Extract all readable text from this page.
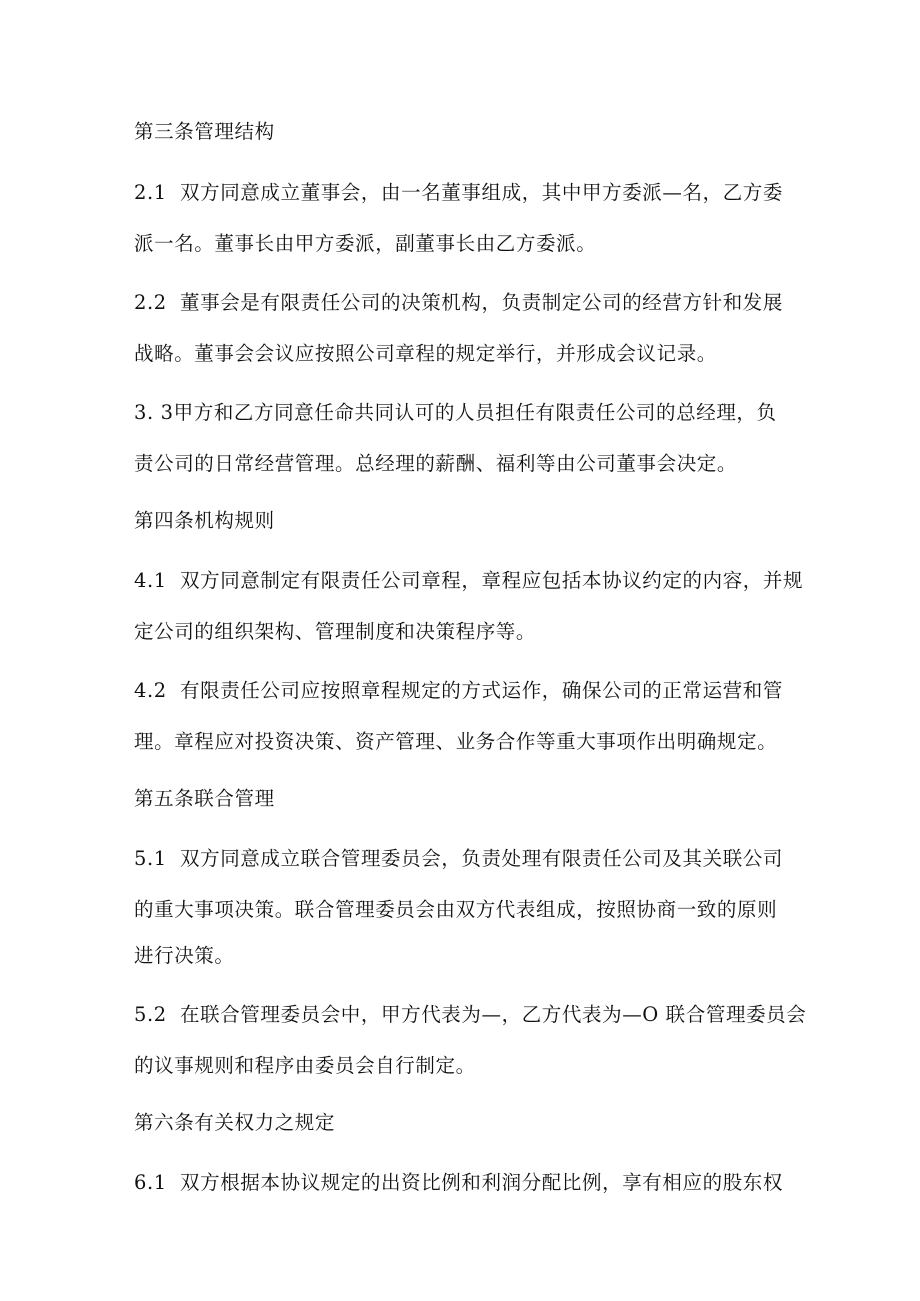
第三条管理结构
2.1 双方同意成立董事会，由一名董事组成，其中甲方委派—名，乙方委
派一名。董事长由甲方委派，副董事长由乙方委派。
2.2 董事会是有限责任公司的决策机构，负责制定公司的经营方针和发展
战略。董事会会议应按照公司章程的规定举行，并形成会议记录。
3. 3甲方和乙方同意任命共同认可的人员担任有限责任公司的总经理，负
责公司的日常经营管理。总经理的薪酬、福利等由公司董事会决定。
第四条机构规则
4.1 双方同意制定有限责任公司章程，章程应包括本协议约定的内容，并规
定公司的组织架构、管理制度和决策程序等。
4.2 有限责任公司应按照章程规定的方式运作，确保公司的正常运营和管
理。章程应对投资决策、资产管理、业务合作等重大事项作出明确规定。
第五条联合管理
5.1 双方同意成立联合管理委员会，负责处理有限责任公司及其关联公司
的重大事项决策。联合管理委员会由双方代表组成，按照协商一致的原则
进行决策。
5.2 在联合管理委员会中，甲方代表为—，乙方代表为—O 联合管理委员会
的议事规则和程序由委员会自行制定。
第六条有关权力之规定
6.1 双方根据本协议规定的出资比例和利润分配比例，享有相应的股东权
